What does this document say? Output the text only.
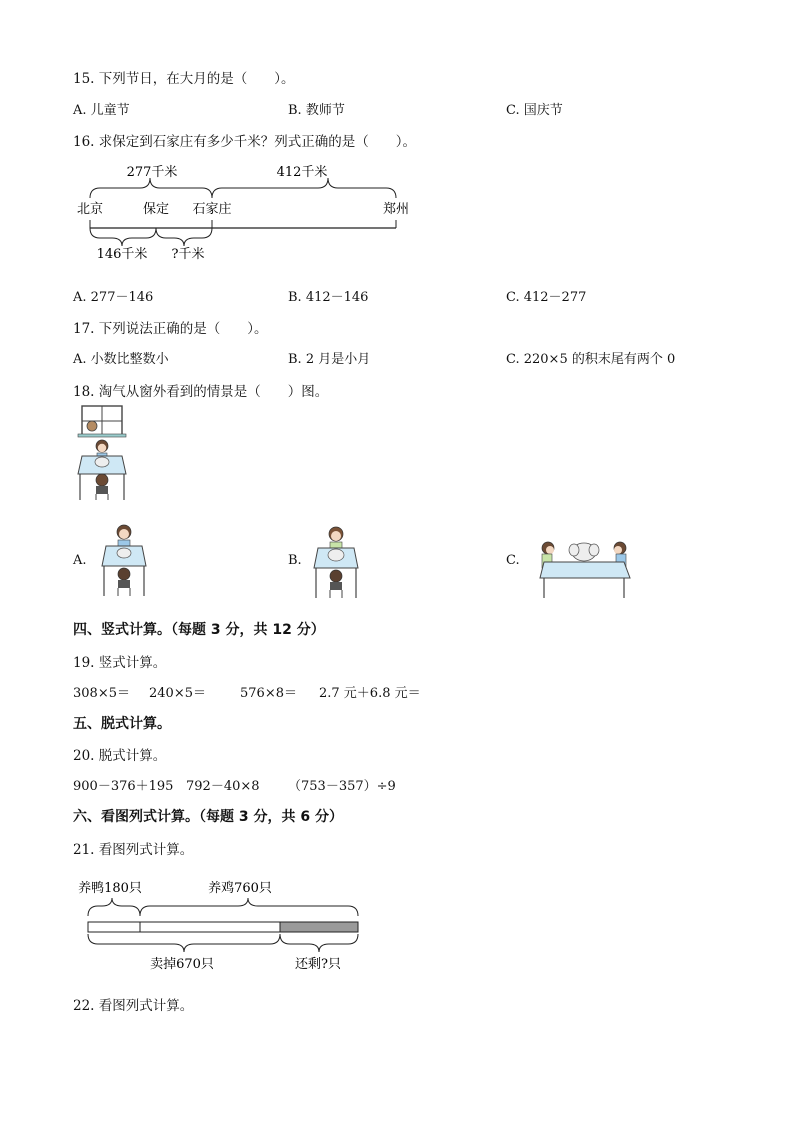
15. 下列节日，在大月的是（　　）。
A. 儿童节	B. 教师节	C. 国庆节
16. 求保定到石家庄有多少千米？列式正确的是（　　）。
277千米	412千米
北京	保定 石家庄	郑州
146千米 ?千米
A. 277－146	B. 412－146	C. 412－277
17. 下列说法正确的是（　　）。
A. 小数比整数小	B. 2 月是小月	C. 220×5 的积末尾有两个 0
18. 淘气从窗外看到的情景是（　　）图。
A.	B.	C.
四、竖式计算。（每题 3 分，共 12 分）
19. 竖式计算。
308×5＝ 240×5＝	576×8＝ 2.7 元＋6.8 元＝
五、脱式计算。
20. 脱式计算。
900－376＋195 792－40×8 （753－357）÷9
六、看图列式计算。（每题 3 分，共 6 分）
21. 看图列式计算。
养鸭180只	养鸡760只
卖掉670只	还剩?只
22. 看图列式计算。
